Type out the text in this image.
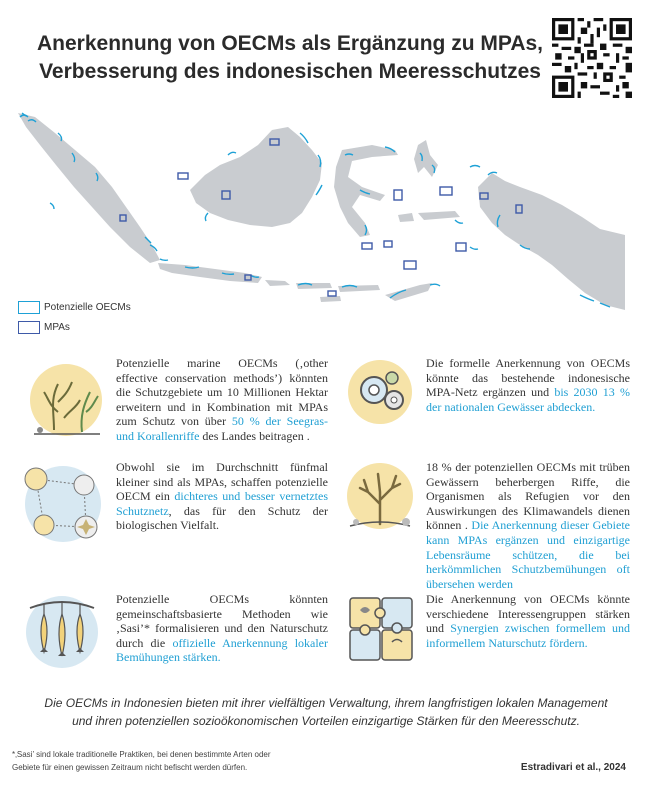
Anerkennung von OECMs als Ergänzung zu MPAs,
Verbesserung des indonesischen Meeresschutzes
Potenzielle OECMs
MPAs
Potenzielle marine OECMs (‚other effective conservation methods’) könnten die Schutzgebiete um 10 Millionen Hektar erweitern und in Kombination mit MPAs zum Schutz von über 50 % der Seegras- und Korallenriffe des Landes beitragen .
Die formelle Anerkennung von OECMs könnte das bestehende indonesische MPA-Netz ergänzen und bis 2030 13 % der nationalen Gewässer abdecken.
Obwohl sie im Durchschnitt fünfmal kleiner sind als MPAs, schaffen potenzielle OECM ein dichteres und besser vernetztes Schutznetz, das für den Schutz der biologischen Vielfalt.
18 % der potenziellen OECMs mit trüben Gewässern beherbergen Riffe, die Organismen als Refugien vor den Auswirkungen des Klimawandels dienen können . Die Anerkennung dieser Gebiete kann MPAs ergänzen und einzigartige Lebensräume schützen, die bei herkömmlichen Schutzbemühungen oft übersehen werden
Potenzielle OECMs könnten gemeinschaftsbasierte Methoden wie ‚Sasi’* formalisieren und den Naturschutz durch die offizielle Anerkennung lokaler Bemühungen stärken.
Die Anerkennung von OECMs könnte verschiedene Interessengruppen stärken und Synergien zwischen formellem und informellem Naturschutz fördern.
Die OECMs in Indonesien bieten mit ihrer vielfältigen Verwaltung, ihrem langfristigen lokalen Management
und ihren potenziellen sozioökonomischen Vorteilen einzigartige Stärken für den Meeresschutz.
*‚Sasi’ sind lokale traditionelle Praktiken, bei denen bestimmte Arten oder
Gebiete für einen gewissen Zeitraum nicht befischt werden dürfen.	Estradivari et al., 2024
